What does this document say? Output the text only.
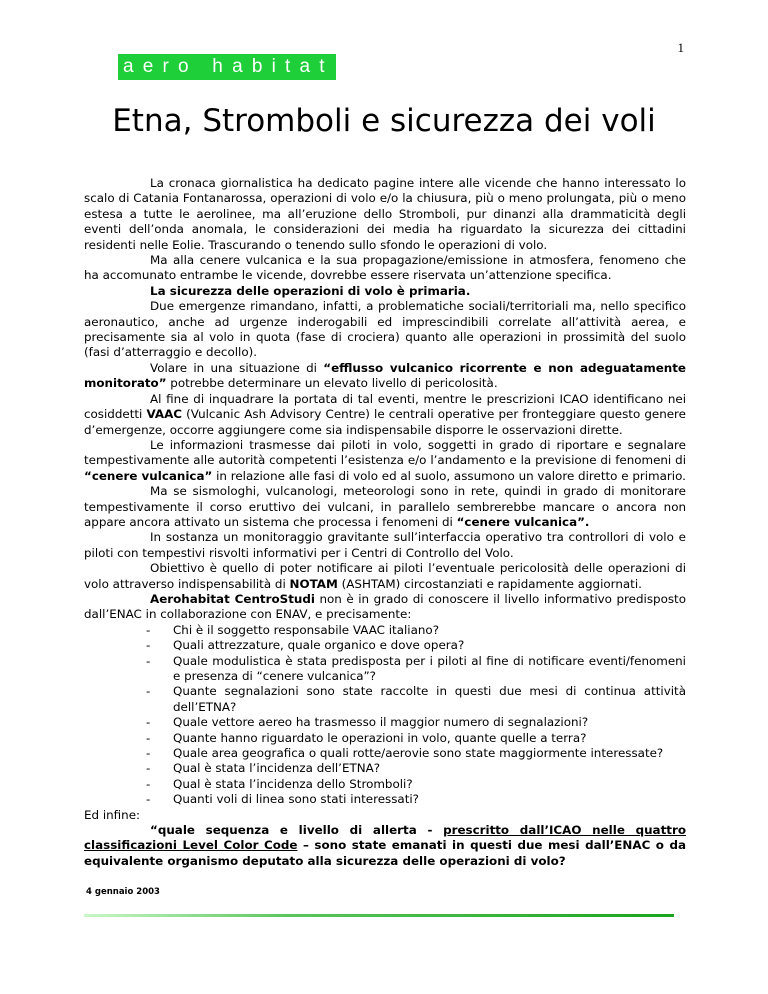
1
aero habitat
Etna, Stromboli e sicurezza dei voli

La cronaca giornalistica ha dedicato pagine intere alle vicende che hanno interessato lo scalo di Catania Fontanarossa, operazioni di volo e/o la chiusura, più o meno prolungata, più o meno estesa a tutte le aerolinee, ma all’eruzione dello Stromboli, pur dinanzi alla drammaticità degli eventi dell’onda anomala, le considerazioni dei media ha riguardato la sicurezza dei cittadini residenti nelle Eolie. Trascurando o tenendo sullo sfondo le operazioni di volo.

Ma alla cenere vulcanica e la sua propagazione/emissione in atmosfera, fenomeno che ha accomunato entrambe le vicende, dovrebbe essere riservata un’attenzione specifica.

La sicurezza delle operazioni di volo è primaria.

Due emergenze rimandano, infatti, a problematiche sociali/territoriali ma, nello specifico aeronautico, anche ad urgenze inderogabili ed imprescindibili correlate all’attività aerea, e precisamente sia al volo in quota (fase di crociera) quanto alle operazioni in prossimità del suolo (fasi d’atterraggio e decollo).

Volare in una situazione di “efflusso vulcanico ricorrente e non adeguatamente monitorato” potrebbe determinare un elevato livello di pericolosità.

Al fine di inquadrare la portata di tal eventi, mentre le prescrizioni ICAO identificano nei cosiddetti VAAC (Vulcanic Ash Advisory Centre) le centrali operative per fronteggiare questo genere d’emergenze, occorre aggiungere come sia indispensabile disporre le osservazioni dirette.

Le informazioni trasmesse dai piloti in volo, soggetti in grado di riportare e segnalare tempestivamente alle autorità competenti l’esistenza e/o l’andamento e la previsione di fenomeni di “cenere vulcanica” in relazione alle fasi di volo ed al suolo, assumono un valore diretto e primario.

Ma se sismologhi, vulcanologi, meteorologi sono in rete, quindi in grado di monitorare tempestivamente il corso eruttivo dei vulcani, in parallelo sembrerebbe mancare o ancora non appare ancora attivato un sistema che processa i fenomeni di “cenere vulcanica”.

In sostanza un monitoraggio gravitante sull’interfaccia operativo tra controllori di volo e piloti con tempestivi risvolti informativi per i Centri di Controllo del Volo.

Obiettivo è quello di poter notificare ai piloti l’eventuale pericolosità delle operazioni di volo attraverso indispensabilità di NOTAM (ASHTAM) circostanziati e rapidamente aggiornati.

Aerohabitat CentroStudi non è in grado di conoscere il livello informativo predisposto dall’ENAC in collaborazione con ENAV, e precisamente:

- Chi è il soggetto responsabile VAAC italiano?
- Quali attrezzature, quale organico e dove opera?
- Quale modulistica è stata predisposta per i piloti al fine di notificare eventi/fenomeni e presenza di “cenere vulcanica”?
- Quante segnalazioni sono state raccolte in questi due mesi di continua attività dell’ETNA?
- Quale vettore aereo ha trasmesso il maggior numero di segnalazioni?
- Quante hanno riguardato le operazioni in volo, quante quelle a terra?
- Quale area geografica o quali rotte/aerovie sono state maggiormente interessate?
- Qual è stata l’incidenza dell’ETNA?
- Qual è stata l’incidenza dello Stromboli?
- Quanti voli di linea sono stati interessati?

Ed infine:

“quale sequenza e livello di allerta - prescritto dall’ICAO nelle quattro classificazioni Level Color Code – sono state emanati in questi due mesi dall’ENAC o da equivalente organismo deputato alla sicurezza delle operazioni di volo?

4 gennaio 2003
